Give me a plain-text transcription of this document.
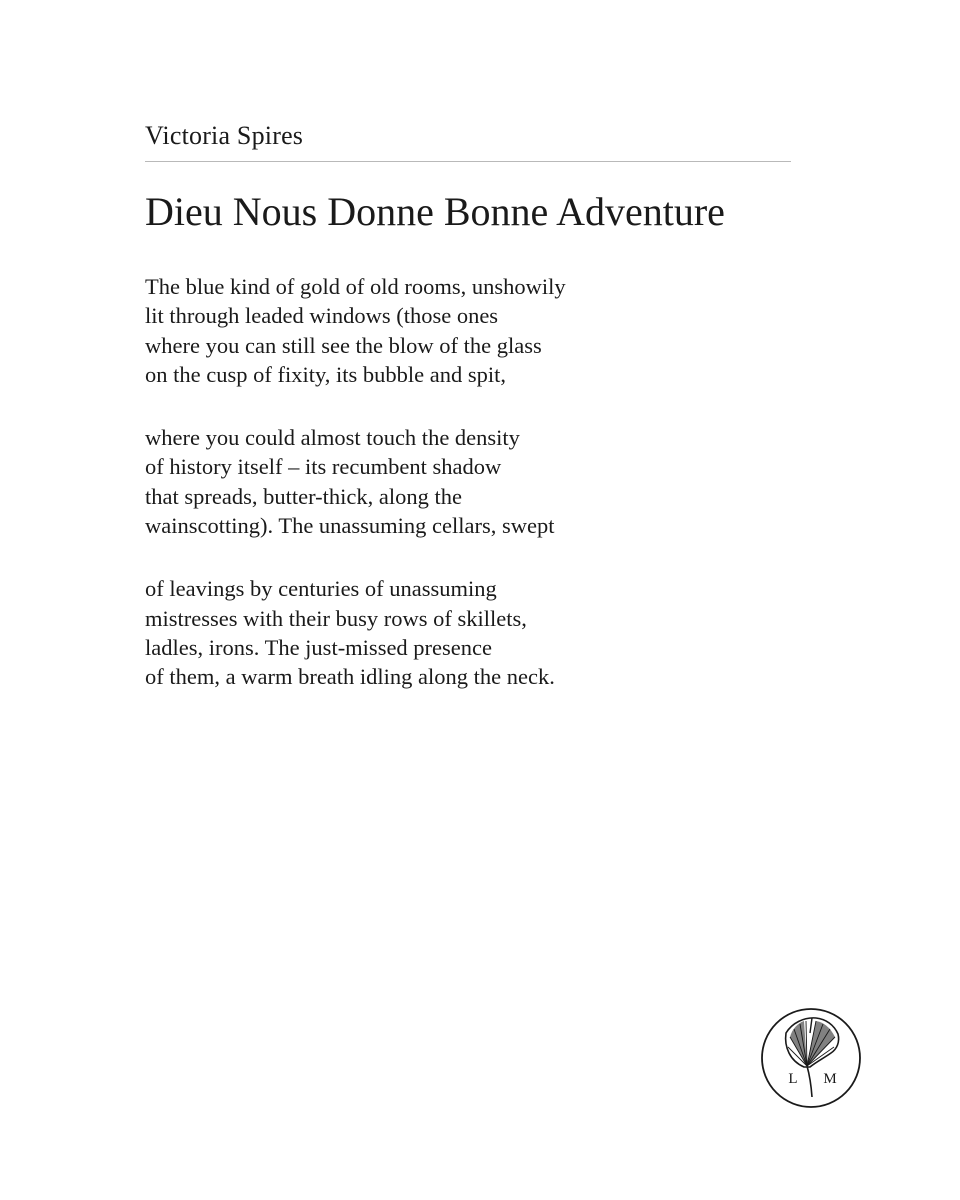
Victoria Spires
Dieu Nous Donne Bonne Adventure
The blue kind of gold of old rooms, unshowily
lit through leaded windows (those ones
where you can still see the blow of the glass
on the cusp of fixity, its bubble and spit,
where you could almost touch the density
of history itself – its recumbent shadow
that spreads, butter-thick, along the
wainscotting). The unassuming cellars, swept
of leavings by centuries of unassuming
mistresses with their busy rows of skillets,
ladles, irons. The just-missed presence
of them, a warm breath idling along the neck.
L M
